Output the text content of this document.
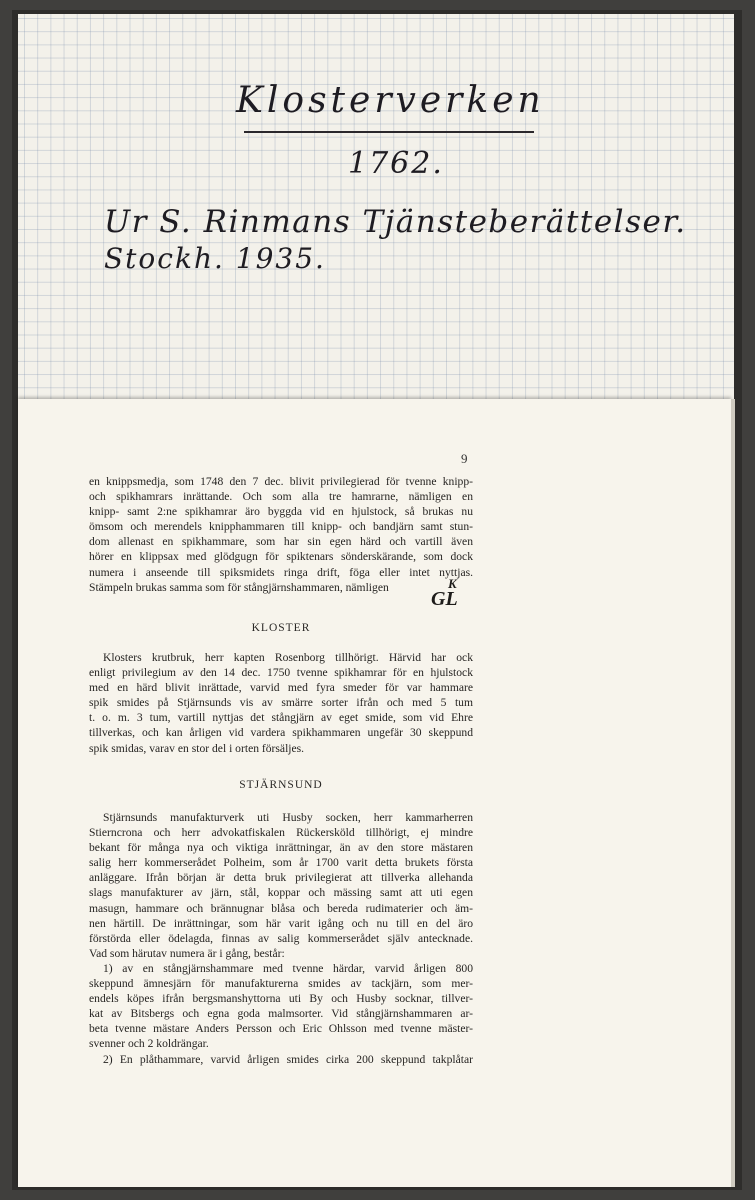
Klosterverken
1762.
Ur S. Rinmans Tjänsteberättelser.
Stockh. 1935.
9
en knippsmedja, som 1748 den 7 dec. blivit privilegierad för tvenne knipp-
och spikhamrars inrättande. Och som alla tre hamrarne, nämligen en
knipp- samt 2:ne spikhamrar äro byggda vid en hjulstock, så brukas nu
ömsom och merendels knipphammaren till knipp- och bandjärn samt stun-
dom allenast en spikhammare, som har sin egen härd och vartill även
hörer en klippsax med glödgugn för spiktenars sönderskärande, som dock
numera i anseende till spiksmidets ringa drift, föga eller intet nyttjas.
Stämpeln brukas samma som för stångjärnshammaren, nämligen	K
GL
KLOSTER
Klosters krutbruk, herr kapten Rosenborg tillhörigt. Härvid har ock
enligt privilegium av den 14 dec. 1750 tvenne spikhamrar för en hjulstock
med en härd blivit inrättade, varvid med fyra smeder för var hammare
spik smides på Stjärnsunds vis av smärre sorter ifrån och med 5 tum
t. o. m. 3 tum, vartill nyttjas det stångjärn av eget smide, som vid Ehre
tillverkas, och kan årligen vid vardera spikhammaren ungefär 30 skeppund
spik smidas, varav en stor del i orten försäljes.
STJÄRNSUND
Stjärnsunds manufakturverk uti Husby socken, herr kammarherren
Stierncrona och herr advokatfiskalen Rückersköld tillhörigt, ej mindre
bekant för många nya och viktiga inrättningar, än av den store mästaren
salig herr kommerserådet Polheim, som år 1700 varit detta brukets första
anläggare. Ifrån början är detta bruk privilegierat att tillverka allehanda
slags manufakturer av järn, stål, koppar och mässing samt att uti egen
masugn, hammare och brännugnar blåsa och bereda rudimaterier och äm-
nen härtill. De inrättningar, som här varit igång och nu till en del äro
förstörda eller ödelagda, finnas av salig kommerserådet själv antecknade.
Vad som härutav numera är i gång, består:
1) av en stångjärnshammare med tvenne härdar, varvid årligen 800
skeppund ämnesjärn för manufakturerna smides av tackjärn, som mer-
endels köpes ifrån bergsmanshyttorna uti By och Husby socknar, tillver-
kat av Bitsbergs och egna goda malmsorter. Vid stångjärnshammaren ar-
beta tvenne mästare Anders Persson och Eric Ohlsson med tvenne mäster-
svenner och 2 koldrängar.
2) En plåthammare, varvid årligen smides cirka 200 skeppund takplåtar
